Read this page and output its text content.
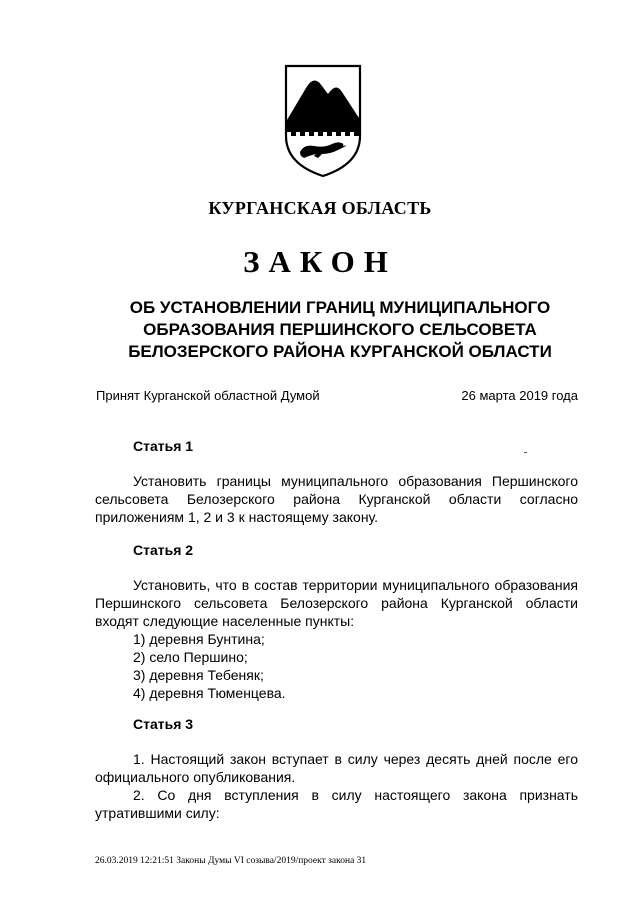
КУРГАНСКАЯ ОБЛАСТЬ
ЗАКОН
ОБ УСТАНОВЛЕНИИ ГРАНИЦ МУНИЦИПАЛЬНОГО
ОБРАЗОВАНИЯ ПЕРШИНСКОГО СЕЛЬСОВЕТА
БЕЛОЗЕРСКОГО РАЙОНА КУРГАНСКОЙ ОБЛАСТИ
Принят Курганской областной Думой	26 марта 2019 года
Статья 1
Установить границы муниципального образования Першинского сельсовета Белозерского района Курганской области согласно приложениям 1, 2 и 3 к настоящему закону.
Статья 2
Установить, что в состав территории муниципального образования Першинского сельсовета Белозерского района Курганской области входят следующие населенные пункты:
1) деревня Бунтина;
2) село Першино;
3) деревня Тебеняк;
4) деревня Тюменцева.
Статья 3
1. Настоящий закон вступает в силу через десять дней после его официального опубликования.
2. Со дня вступления в силу настоящего закона признать утратившими силу:
26.03.2019 12:21:51 Законы Думы VI созыва/2019/проект закона 31
